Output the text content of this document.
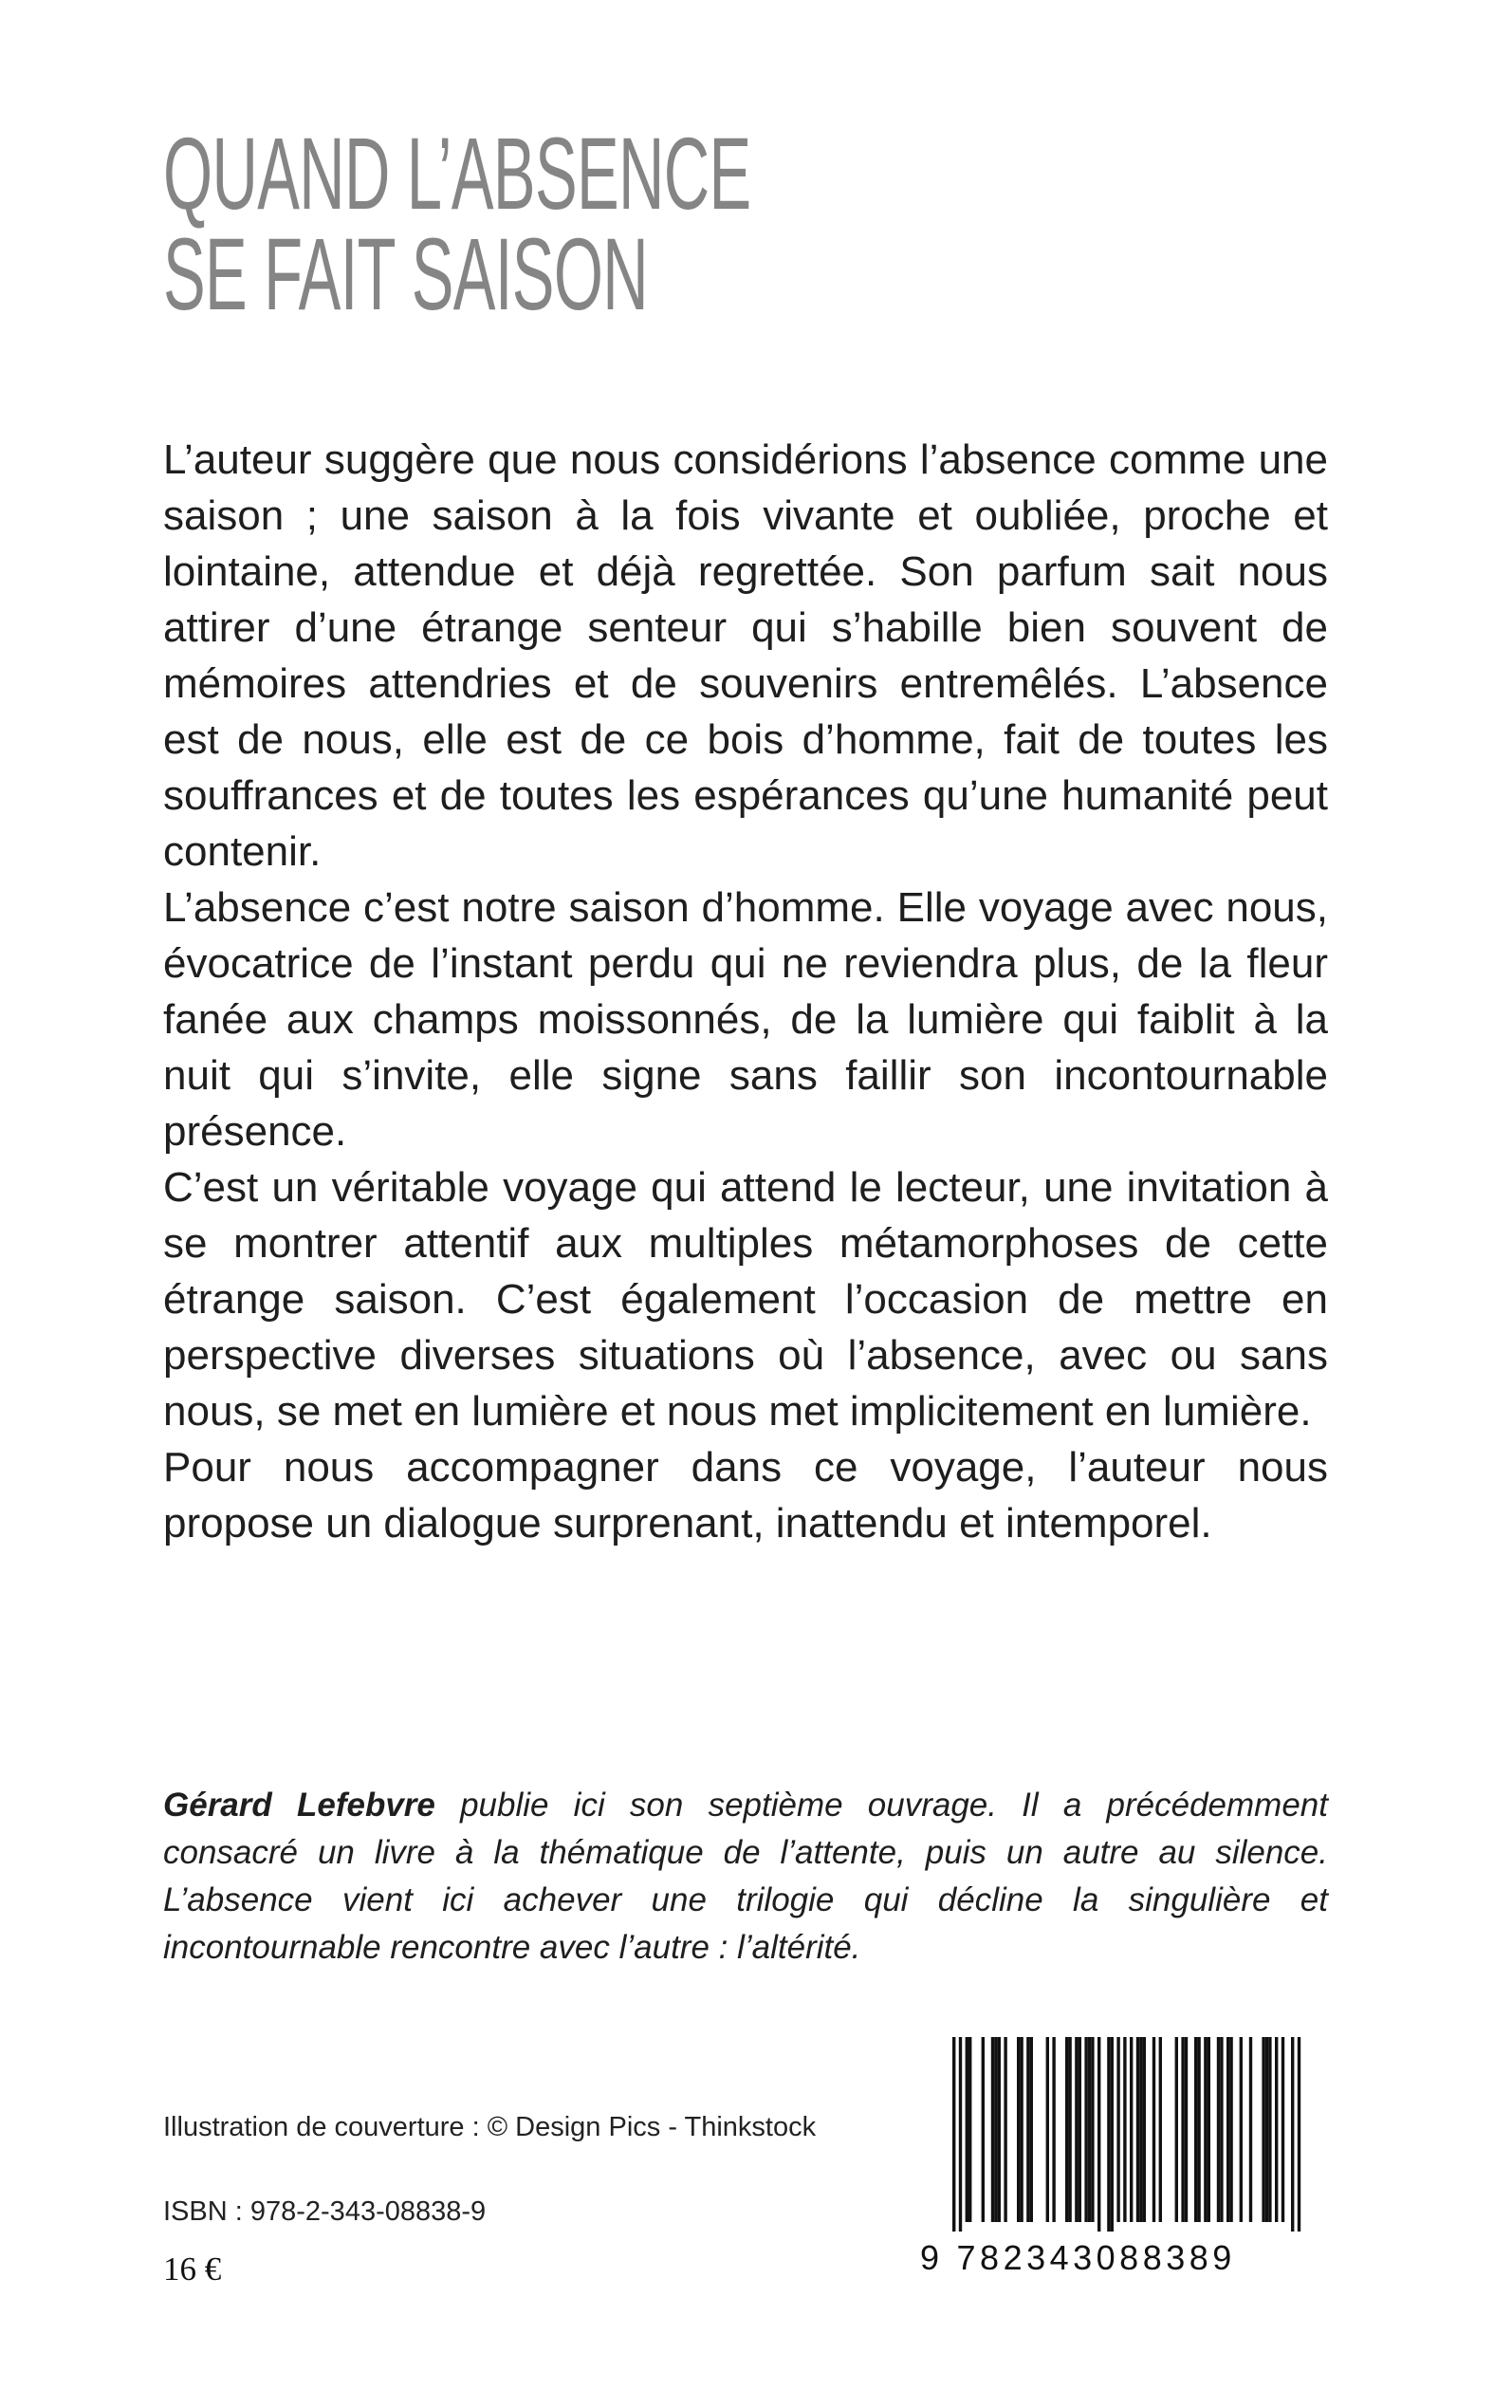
QUAND L’ABSENCE
SE FAIT SAISON

L’auteur suggère que nous considérions l’absence comme une saison ; une saison à la fois vivante et oubliée, proche et lointaine, attendue et déjà regrettée. Son parfum sait nous attirer d’une étrange senteur qui s’habille bien souvent de mémoires attendries et de souvenirs entremêlés. L’absence est de nous, elle est de ce bois d’homme, fait de toutes les souffrances et de toutes les espérances qu’une humanité peut contenir.

L’absence c’est notre saison d’homme. Elle voyage avec nous, évocatrice de l’instant perdu qui ne reviendra plus, de la fleur fanée aux champs moissonnés, de la lumière qui faiblit à la nuit qui s’invite, elle signe sans faillir son incontournable présence.

C’est un véritable voyage qui attend le lecteur, une invitation à se montrer attentif aux multiples métamorphoses de cette étrange saison. C’est également l’occasion de mettre en perspective diverses situations où l’absence, avec ou sans nous, se met en lumière et nous met implicitement en lumière.

Pour nous accompagner dans ce voyage, l’auteur nous propose un dialogue surprenant, inattendu et intemporel.

Gérard Lefebvre publie ici son septième ouvrage. Il a précédemment consacré un livre à la thématique de l’attente, puis un autre au silence. L’absence vient ici achever une trilogie qui décline la singulière et incontournable rencontre avec l’autre : l’altérité.
Illustration de couverture : © Design Pics - Thinkstock
ISBN : 978-2-343-08838-9
16 €	9 782343088389
